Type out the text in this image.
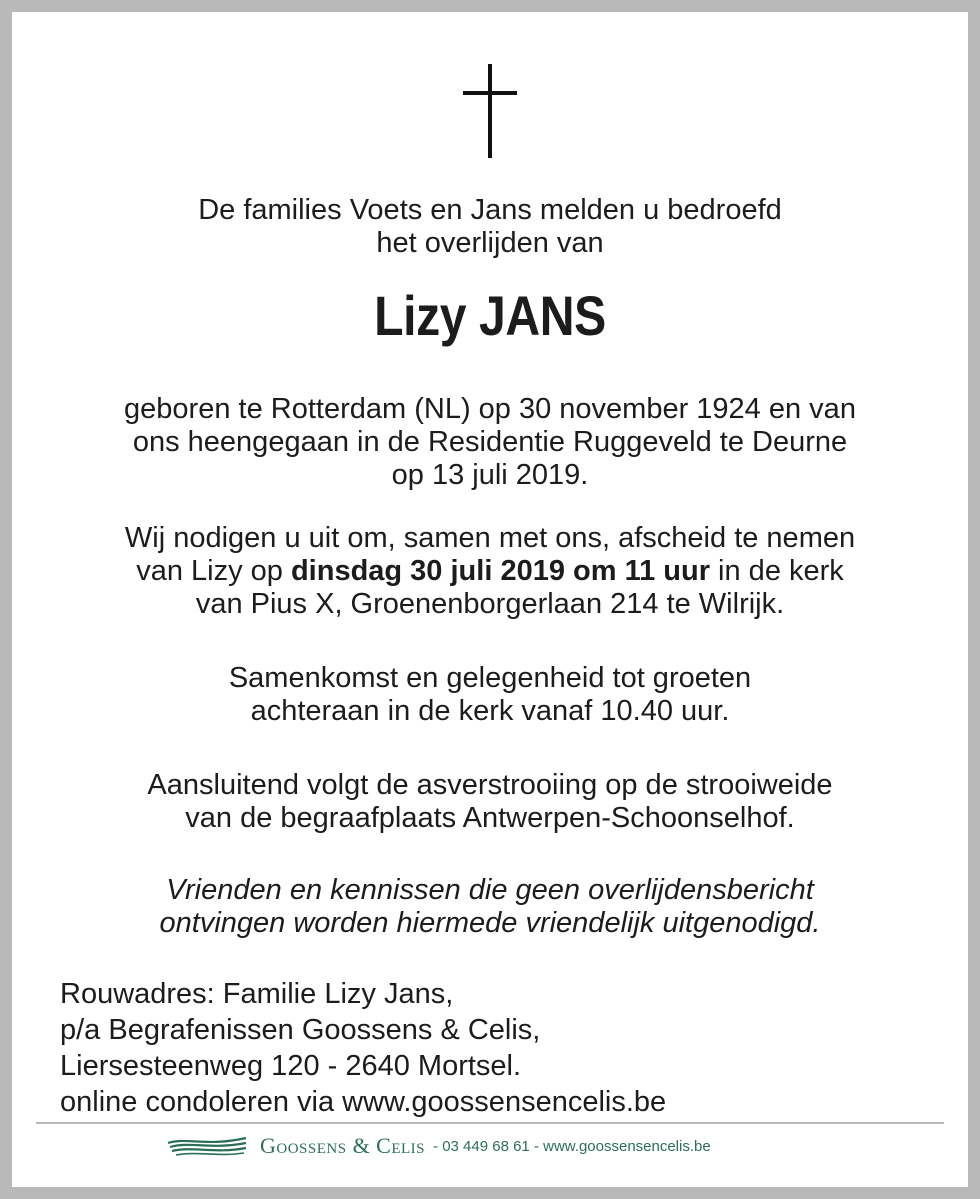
De families Voets en Jans melden u bedroefd
het overlijden van
Lizy JANS
geboren te Rotterdam (NL) op 30 november 1924 en van
ons heengegaan in de Residentie Ruggeveld te Deurne
op 13 juli 2019.
Wij nodigen u uit om, samen met ons, afscheid te nemen
van Lizy op dinsdag 30 juli 2019 om 11 uur in de kerk
van Pius X, Groenenborgerlaan 214 te Wilrijk.
Samenkomst en gelegenheid tot groeten
achteraan in de kerk vanaf 10.40 uur.
Aansluitend volgt de asverstrooiing op de strooiweide
van de begraafplaats Antwerpen-Schoonselhof.
Vrienden en kennissen die geen overlijdensbericht
ontvingen worden hiermede vriendelijk uitgenodigd.
Rouwadres: Familie Lizy Jans,
p/a Begrafenissen Goossens & Celis,
Liersesteenweg 120 - 2640 Mortsel.
online condoleren via www.goossensencelis.be
Goossens & Celis - 03 449 68 61 - www.goossensencelis.be
